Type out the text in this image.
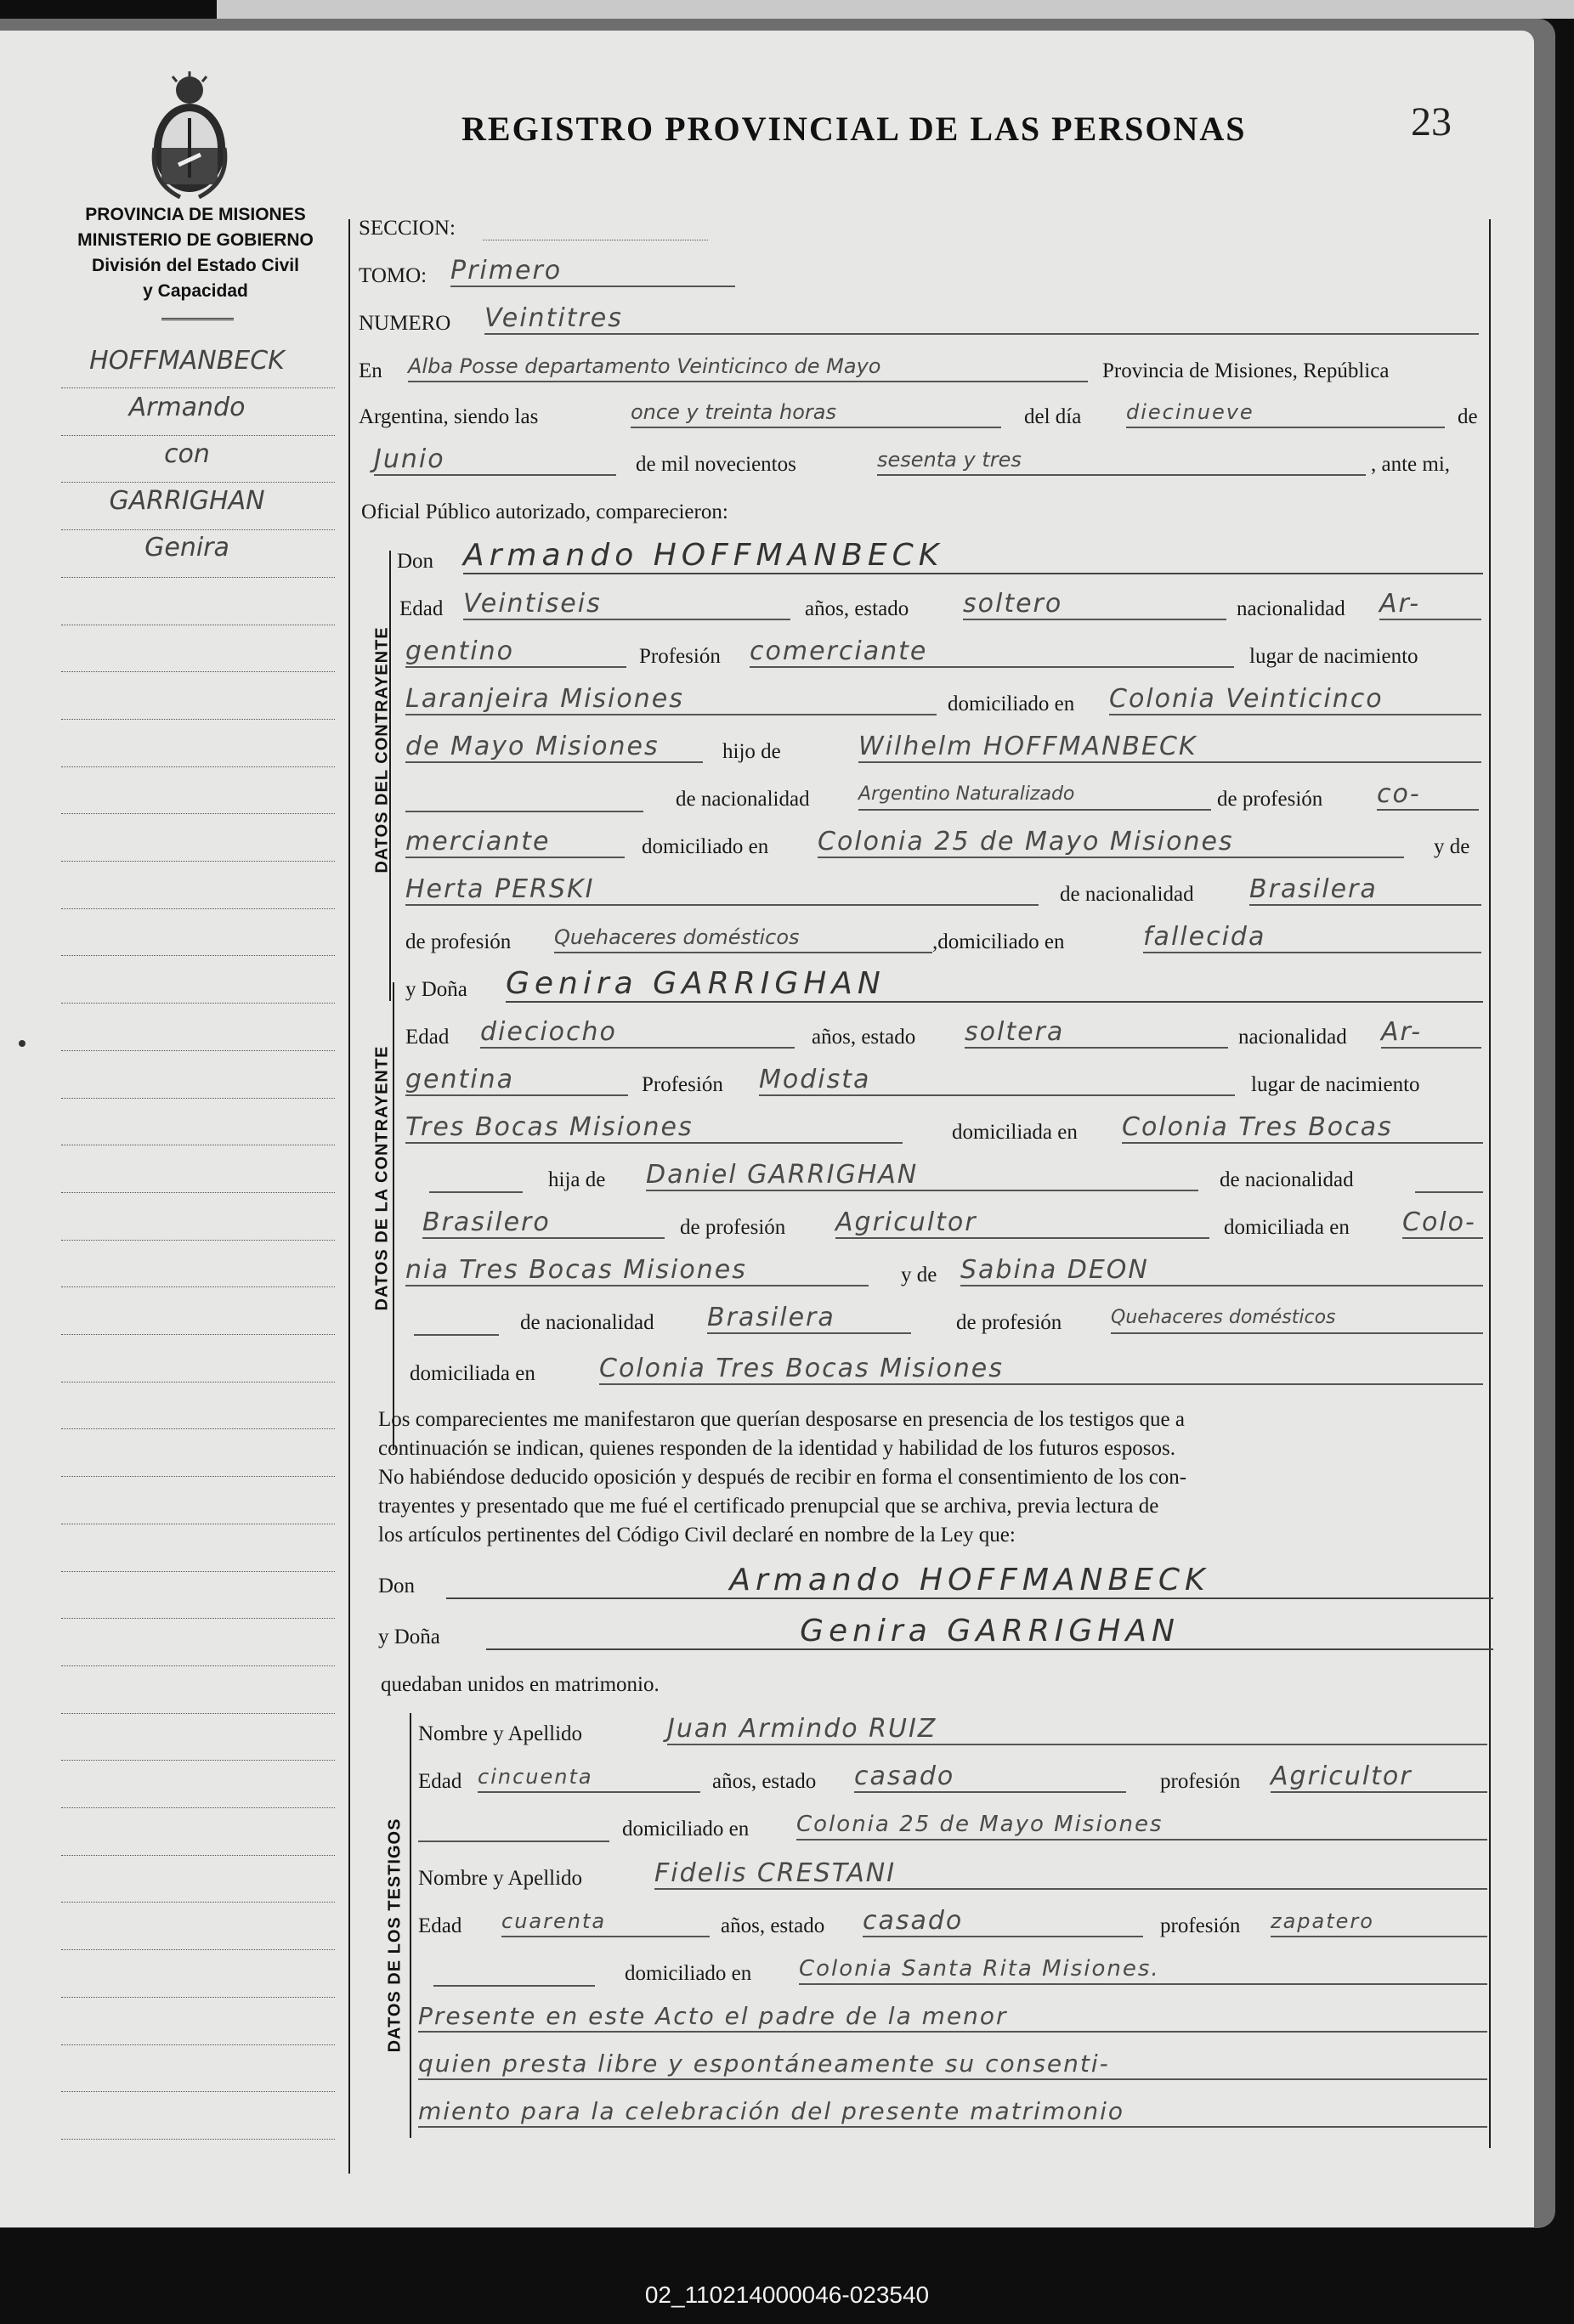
REGISTRO PROVINCIAL DE LAS PERSONAS	23
PROVINCIA DE MISIONES
MINISTERIO DE GOBIERNO
División del Estado Civil
y Capacidad
HOFFMANBECK
Armando
con
GARRIGHAN
Genira
DATOS DEL CONTRAYENTE
DATOS DE LA CONTRAYENTE
DATOS DE LOS TESTIGOS
SECCION:
TOMO: Primero
NUMERO Veintitres
En Alba Posse departamento Veinticinco de Mayo	Provincia de Misiones, República
Argentina, siendo las	once y treinta horas	del día diecinueve	de
Junio	de mil novecientos	sesenta y tres	, ante mi,
Oficial Público autorizado, comparecieron:
Don Armando HOFFMANBECK
Edad Veintiseis	años, estado soltero	nacionalidad Ar-
gentino	Profesión comerciante	lugar de nacimiento
Laranjeira Misiones	domiciliado en Colonia Veinticinco
de Mayo Misiones	hijo de	Wilhelm HOFFMANBECK
de nacionalidad	Argentino Naturalizado	de profesión co-
merciante	domiciliado en Colonia 25 de Mayo Misiones	y de
Herta PERSKI	de nacionalidad Brasilera
de profesión Quehaceres domésticos	,domiciliado en	fallecida
y Doña Genira GARRIGHAN
Edad dieciocho	años, estado soltera	nacionalidad Ar-
gentina	Profesión Modista	lugar de nacimiento
Tres Bocas Misiones	domiciliada en Colonia Tres Bocas
hija de Daniel GARRIGHAN	de nacionalidad
Brasilero	de profesión Agricultor	domiciliada en Colo-
nia Tres Bocas Misiones	y de Sabina DEON
de nacionalidad Brasilera	de profesión	Quehaceres domésticos
domiciliada en	Colonia Tres Bocas Misiones
Los comparecientes me manifestaron que querían desposarse en presencia de los testigos que a
continuación se indican, quienes responden de la identidad y habilidad de los futuros esposos.
No habiéndose deducido oposición y después de recibir en forma el consentimiento de los con-
trayentes y presentado que me fué el certificado prenupcial que se archiva, previa lectura de
los artículos pertinentes del Código Civil declaré en nombre de la Ley que:
Don	Armando HOFFMANBECK
y Doña	Genira GARRIGHAN
quedaban unidos en matrimonio.
Nombre y Apellido	Juan Armindo RUIZ
Edad cincuenta	años, estado casado	profesión Agricultor
domiciliado en Colonia 25 de Mayo Misiones
Nombre y Apellido	Fidelis CRESTANI
Edad cuarenta	años, estado casado	profesión zapatero
domiciliado en Colonia Santa Rita Misiones.
Presente en este Acto el padre de la menor
quien presta libre y espontáneamente su consenti-
miento para la celebración del presente matrimonio
02_110214000046-023540
